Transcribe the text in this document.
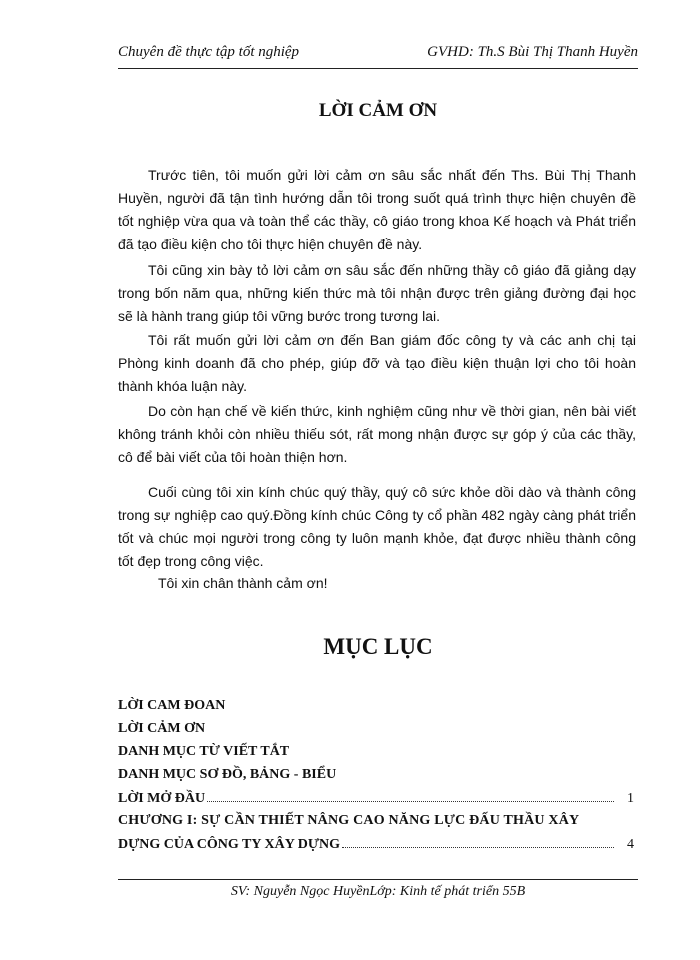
Chuyên đề thực tập tốt nghiệp	GVHD: Th.S Bùi Thị Thanh Huyền
LỜI CẢM ƠN

Trước tiên, tôi muốn gửi lời cảm ơn sâu sắc nhất đến Ths. Bùi Thị Thanh Huyền, người đã tận tình hướng dẫn tôi trong suốt quá trình thực hiện chuyên đề tốt nghiệp vừa qua và toàn thể các thầy, cô giáo trong khoa Kế hoạch và Phát triển đã tạo điều kiện cho tôi thực hiện chuyên đề này.

Tôi cũng xin bày tỏ lời cảm ơn sâu sắc đến những thầy cô giáo đã giảng dạy trong bốn năm qua, những kiến thức mà tôi nhận được trên giảng đường đại học sẽ là hành trang giúp tôi vững bước trong tương lai.

Tôi rất muốn gửi lời cảm ơn đến Ban giám đốc công ty và các anh chị tại Phòng kinh doanh đã cho phép, giúp đỡ và tạo điều kiện thuận lợi cho tôi hoàn thành khóa luận này.

Do còn hạn chế về kiến thức, kinh nghiệm cũng như về thời gian, nên bài viết không tránh khỏi còn nhiều thiếu sót, rất mong nhận được sự góp ý của các thầy, cô để bài viết của tôi hoàn thiện hơn.

Cuối cùng tôi xin kính chúc quý thầy, quý cô sức khỏe dồi dào và thành công trong sự nghiệp cao quý.Đồng kính chúc Công ty cổ phần 482 ngày càng phát triển tốt và chúc mọi người trong công ty luôn mạnh khỏe, đạt được nhiều thành công tốt đẹp trong công việc.

Tôi xin chân thành cảm ơn!
MỤC LỤC
LỜI CAM ĐOAN
LỜI CẢM ƠN
DANH MỤC TỪ VIẾT TẮT
DANH MỤC SƠ ĐỒ, BẢNG - BIỂU
LỜI MỞ ĐẦU	1
CHƯƠNG I: SỰ CẦN THIẾT NÂNG CAO NĂNG LỰC ĐẤU THẦU XÂY
DỰNG CỦA CÔNG TY XÂY DỰNG	4
SV: Nguyễn Ngọc HuyềnLớp: Kinh tế phát triển 55B
